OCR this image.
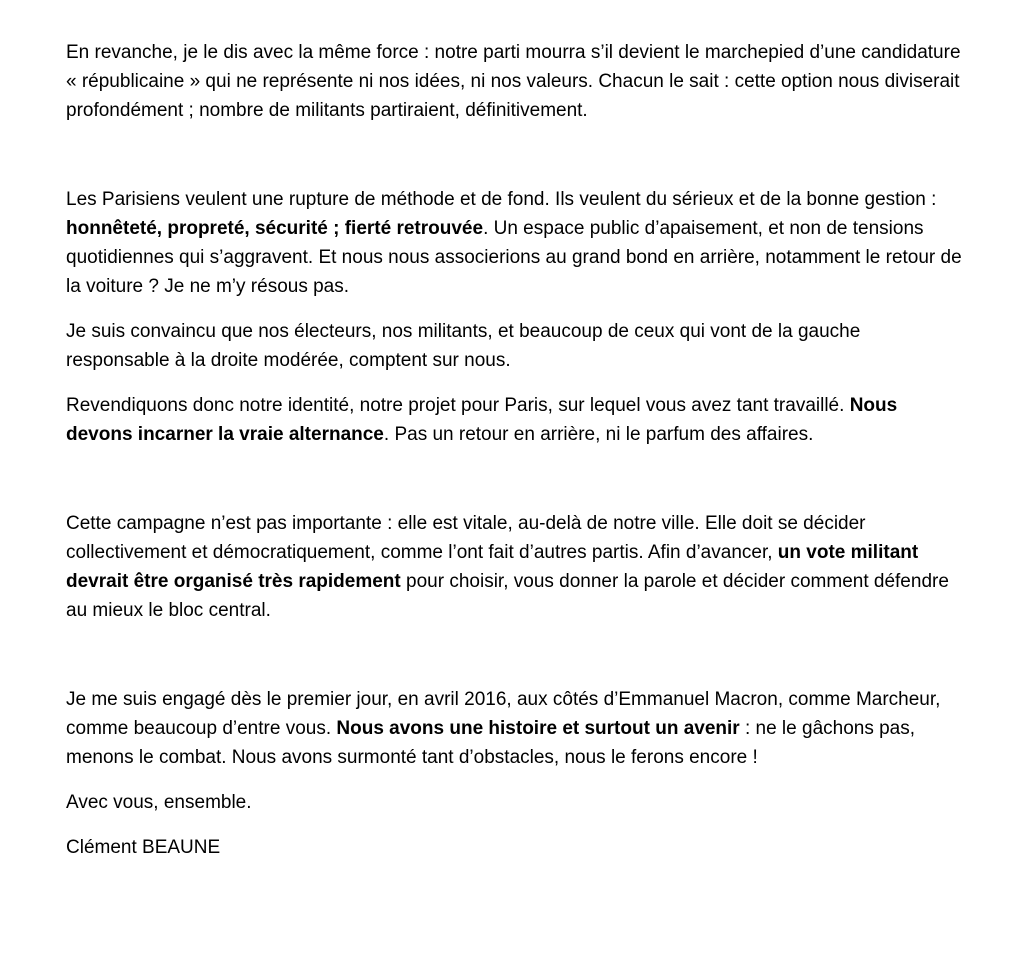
En revanche, je le dis avec la même force : notre parti mourra s’il devient le marchepied d’une candidature « républicaine » qui ne représente ni nos idées, ni nos valeurs. Chacun le sait : cette option nous diviserait profondément ; nombre de militants partiraient, définitivement.

Les Parisiens veulent une rupture de méthode et de fond. Ils veulent du sérieux et de la bonne gestion : honnêteté, propreté, sécurité ; fierté retrouvée. Un espace public d’apaisement, et non de tensions quotidiennes qui s’aggravent. Et nous nous associerions au grand bond en arrière, notamment le retour de la voiture ? Je ne m’y résous pas.

Je suis convaincu que nos électeurs, nos militants, et beaucoup de ceux qui vont de la gauche responsable à la droite modérée, comptent sur nous.

Revendiquons donc notre identité, notre projet pour Paris, sur lequel vous avez tant travaillé. Nous devons incarner la vraie alternance. Pas un retour en arrière, ni le parfum des affaires.

Cette campagne n’est pas importante : elle est vitale, au-delà de notre ville. Elle doit se décider collectivement et démocratiquement, comme l’ont fait d’autres partis. Afin d’avancer, un vote militant devrait être organisé très rapidement pour choisir, vous donner la parole et décider comment défendre au mieux le bloc central.

Je me suis engagé dès le premier jour, en avril 2016, aux côtés d’Emmanuel Macron, comme Marcheur, comme beaucoup d’entre vous. Nous avons une histoire et surtout un avenir : ne le gâchons pas, menons le combat. Nous avons surmonté tant d’obstacles, nous le ferons encore !

Avec vous, ensemble.

Clément BEAUNE
